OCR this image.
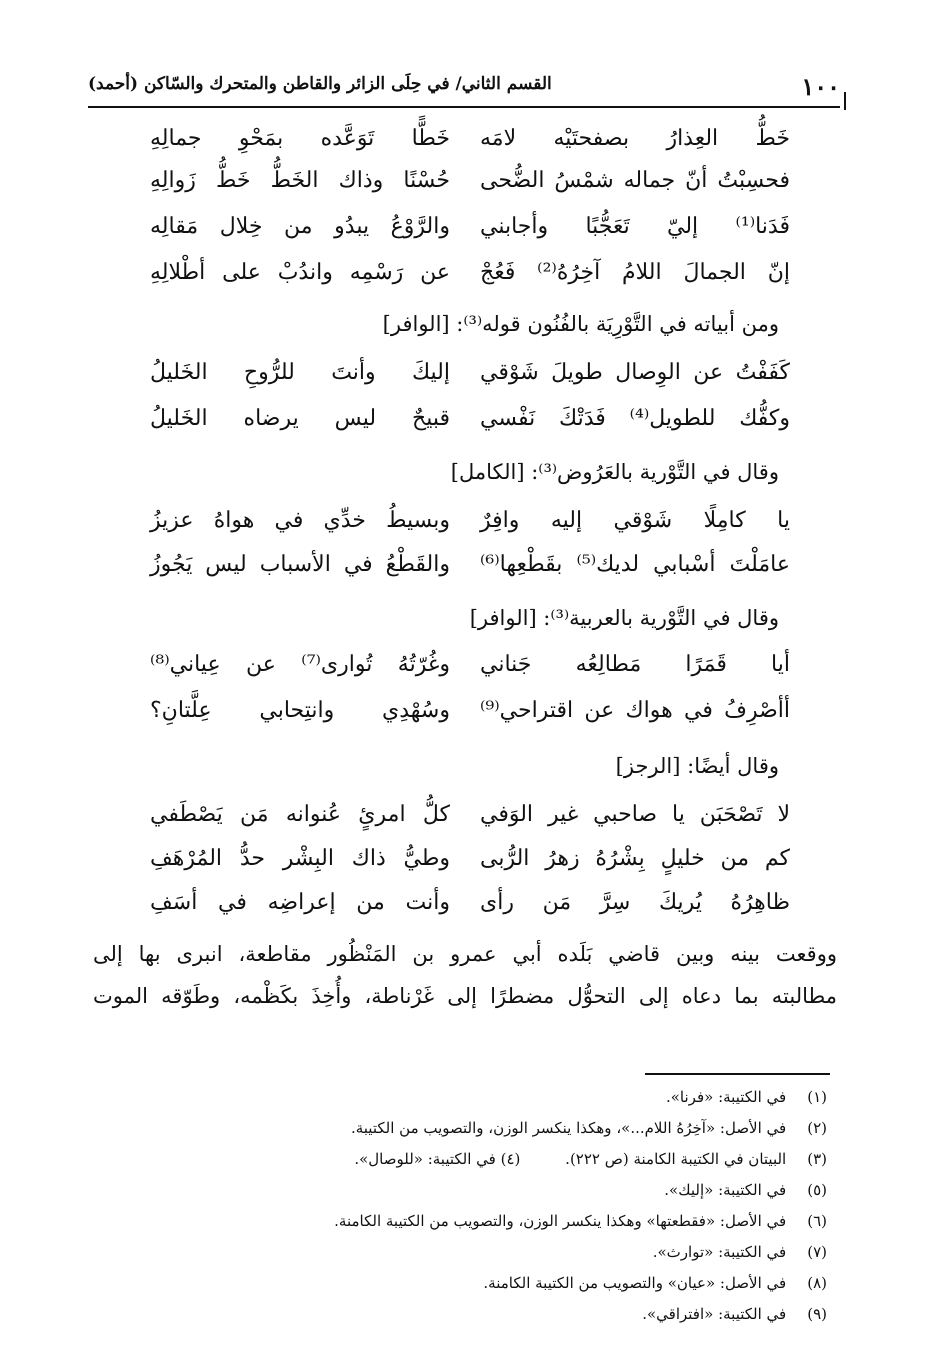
١٠٠
القسم الثاني/ في حِلَى الزائر والقاطن والمتحرك والسّاكن (أحمد)
خَطُّ العِذارُ بصفحتَيْه لامَه
خَطًّا تَوَعَّده بمَحْوِ جمالِهِ
فحسِبْتُ أنّ جماله شمْسُ الضُّحى
حُسْنًا وذاك الخَطُّ خَطُّ زَوالِهِ
فَدَنا⁽¹⁾ إليّ تَعَجُّبًا وأجابني
والرَّوْعُ يبدُو من خِلال مَقالِه
إنّ الجمالَ اللامُ آخِرُهُ⁽²⁾ فَعُجْ
عن رَسْمِه واندُبْ على أطْلالِهِ
ومن أبياته في التَّوْرِيَة بالفُنُون قوله⁽³⁾: [الوافر]
كَفَفْتُ عن الوِصال طويلَ شَوْقي
إليكَ وأنتَ للرُّوحِ الخَليلُ
وكفُّك للطويل⁽⁴⁾ فَدَتْكَ نَفْسي
قبيحٌ ليس يرضاه الخَليلُ
وقال في التَّوْرية بالعَرُوض⁽³⁾: [الكامل]
يا كامِلًا شَوْقي إليه وافِرٌ
وبسيطُ خدِّي في هواهُ عزيزُ
عامَلْتَ أسْبابي لديك⁽⁵⁾ بقَطْعِها⁽⁶⁾
والقَطْعُ في الأسباب ليس يَجُوزُ
وقال في التَّوْرية بالعربية⁽³⁾: [الوافر]
أيا قَمَرًا مَطالِعُه جَناني
وغُرّتُهُ تُوارى⁽⁷⁾ عن عِياني⁽⁸⁾
أأصْرِفُ في هواك عن اقتراحي⁽⁹⁾
وسُهْدِي وانتِحابي عِلَّتانِ؟
وقال أيضًا: [الرجز]
لا تَصْحَبَن يا صاحبي غير الوَفي
كلُّ امرئٍ عُنوانه مَن يَصْطَفي
كم من خليلٍ بِشْرُهُ زهرُ الرُّبى
وطيُّ ذاك البِشْر حدُّ المُرْهَفِ
ظاهِرُهُ يُريكَ سِرَّ مَن رأى
وأنت من إعراضِه في أسَفِ
ووقعت بينه وبين قاضي بَلَده أبي عمرو بن المَنْظُور مقاطعة، انبرى بها إلى
مطالبته بما دعاه إلى التحوُّل مضطرًا إلى غَرْناطة، وأُخِذَ بكَظْمه، وطَوّقه الموت
(١) في الكتيبة: «فرنا».
(٢) في الأصل: «آخِرُهُ اللام...»، وهكذا ينكسر الوزن، والتصويب من الكتيبة.
(٣) البيتان في الكتيبة الكامنة (ص ٢٢٢). (٤) في الكتيبة: «للوصال».
(٥) في الكتيبة: «إليك».
(٦) في الأصل: «فقطعتها» وهكذا ينكسر الوزن، والتصويب من الكتيبة الكامنة.
(٧) في الكتيبة: «توارث».
(٨) في الأصل: «عيان» والتصويب من الكتيبة الكامنة.
(٩) في الكتيبة: «افتراقي».
